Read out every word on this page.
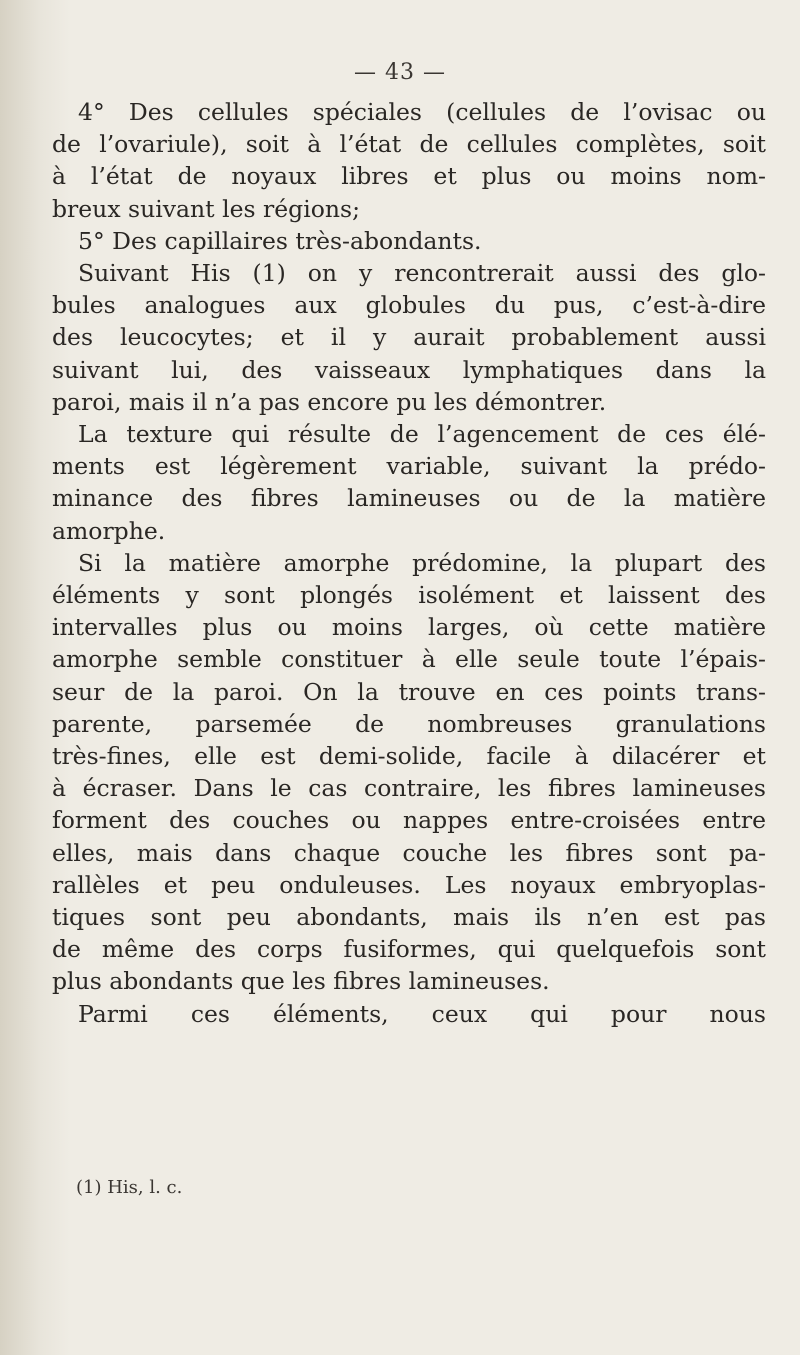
— 43 —
4° Des cellules spéciales (cellules de l’ovisac ou
de l’ovariule), soit à l’état de cellules complètes, soit
à l’état de noyaux libres et plus ou moins nom-
breux suivant les régions;
5° Des capillaires très-abondants.
Suivant His (1) on y rencontrerait aussi des glo-
bules analogues aux globules du pus, c’est-à-dire
des leucocytes; et il y aurait probablement aussi
suivant lui, des vaisseaux lymphatiques dans la
paroi, mais il n’a pas encore pu les démontrer.
La texture qui résulte de l’agencement de ces élé-
ments est légèrement variable, suivant la prédo-
minance des fibres lamineuses ou de la matière
amorphe.
Si la matière amorphe prédomine, la plupart des
éléments y sont plongés isolément et laissent des
intervalles plus ou moins larges, où cette matière
amorphe semble constituer à elle seule toute l’épais-
seur de la paroi. On la trouve en ces points trans-
parente, parsemée de nombreuses granulations
très-fines, elle est demi-solide, facile à dilacérer et
à écraser. Dans le cas contraire, les fibres lamineuses
forment des couches ou nappes entre-croisées entre
elles, mais dans chaque couche les fibres sont pa-
rallèles et peu onduleuses. Les noyaux embryoplas-
tiques sont peu abondants, mais ils n’en est pas
de même des corps fusiformes, qui quelquefois sont
plus abondants que les fibres lamineuses.
Parmi ces éléments, ceux qui pour nous
(1) His, l. c.
